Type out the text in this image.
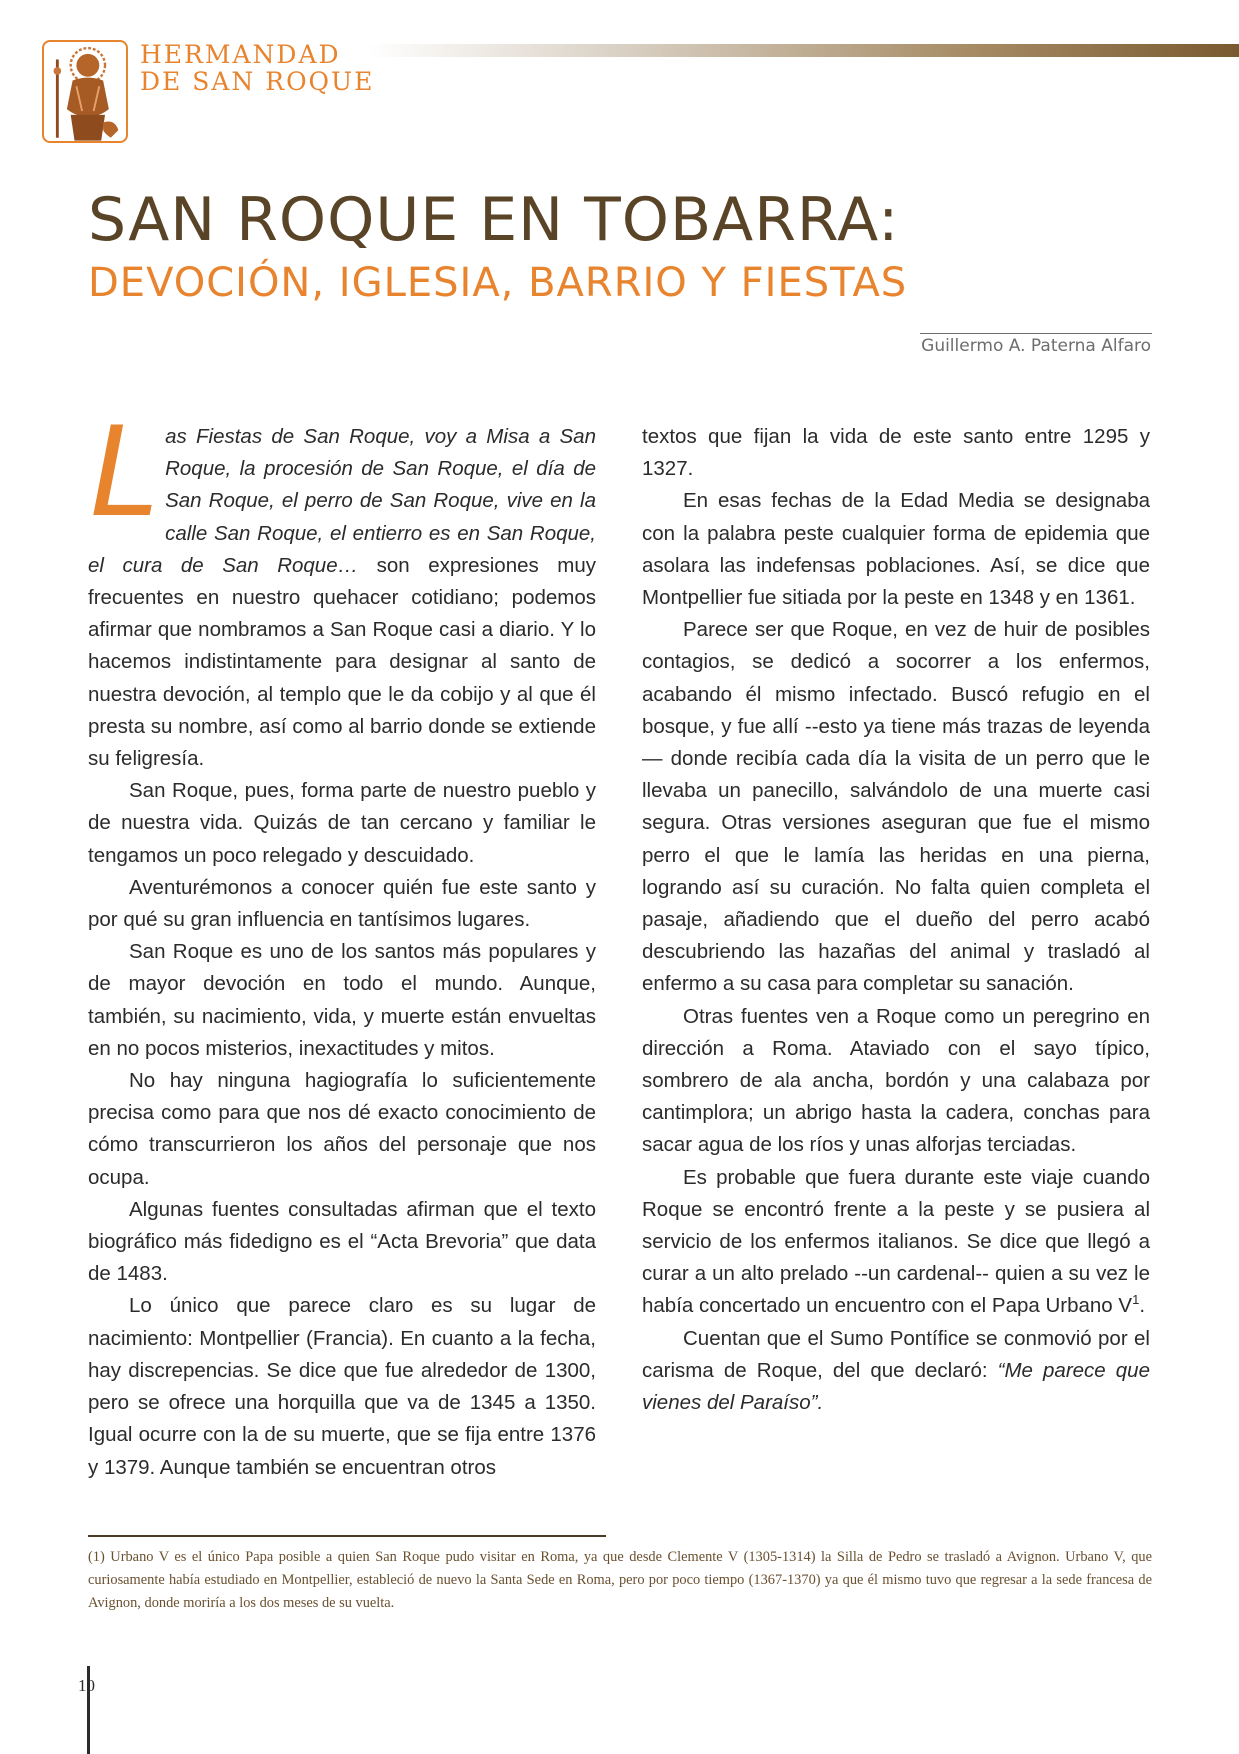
HERMANDAD
DE SAN ROQUE
SAN ROQUE EN TOBARRA:
DEVOCIÓN, IGLESIA, BARRIO Y FIESTAS
Guillermo A. Paterna Alfaro

Las Fiestas de San Roque, voy a Misa a San Roque, la procesión de San Roque, el día de San Roque, el perro de San Roque, vive en la calle San Roque, el entierro es en San Roque, el cura de San Roque… son expresiones muy frecuentes en nuestro quehacer cotidiano; podemos afirmar que nombramos a San Roque casi a diario. Y lo hacemos indistintamente para designar al santo de nuestra devoción, al templo que le da cobijo y al que él presta su nombre, así como al barrio donde se extiende su feligresía.

San Roque, pues, forma parte de nuestro pueblo y de nuestra vida. Quizás de tan cercano y familiar le tengamos un poco relegado y descuidado.

Aventurémonos a conocer quién fue este santo y por qué su gran influencia en tantísimos lugares.

San Roque es uno de los santos más populares y de mayor devoción en todo el mundo. Aunque, también, su nacimiento, vida, y muerte están envueltas en no pocos misterios, inexactitudes y mitos.

No hay ninguna hagiografía lo suficientemente precisa como para que nos dé exacto conocimiento de cómo transcurrieron los años del personaje que nos ocupa.

Algunas fuentes consultadas afirman que el texto biográfico más fidedigno es el “Acta Brevoria” que data de 1483.

Lo único que parece claro es su lugar de nacimiento: Montpellier (Francia). En cuanto a la fecha, hay discrepencias. Se dice que fue alrededor de 1300, pero se ofrece una horquilla que va de 1345 a 1350. Igual ocurre con la de su muerte, que se fija entre 1376 y 1379. Aunque también se encuentran otros

textos que fijan la vida de este santo entre 1295 y 1327.

En esas fechas de la Edad Media se designaba con la palabra peste cualquier forma de epidemia que asolara las indefensas poblaciones. Así, se dice que Montpellier fue sitiada por la peste en 1348 y en 1361.

Parece ser que Roque, en vez de huir de posibles contagios, se dedicó a socorrer a los enfermos, acabando él mismo infectado. Buscó refugio en el bosque, y fue allí --esto ya tiene más trazas de leyenda— donde recibía cada día la visita de un perro que le llevaba un panecillo, salvándolo de una muerte casi segura. Otras versiones aseguran que fue el mismo perro el que le lamía las heridas en una pierna, logrando así su curación. No falta quien completa el pasaje, añadiendo que el dueño del perro acabó descubriendo las hazañas del animal y trasladó al enfermo a su casa para completar su sanación.

Otras fuentes ven a Roque como un peregrino en dirección a Roma. Ataviado con el sayo típico, sombrero de ala ancha, bordón y una calabaza por cantimplora; un abrigo hasta la cadera, conchas para sacar agua de los ríos y unas alforjas terciadas.

Es probable que fuera durante este viaje cuando Roque se encontró frente a la peste y se pusiera al servicio de los enfermos italianos. Se dice que llegó a curar a un alto prelado --un cardenal-- quien a su vez le había concertado un encuentro con el Papa Urbano $V^1$.

Cuentan que el Sumo Pontífice se conmovió por el carisma de Roque, del que declaró: “Me parece que vienes del Paraíso”.

(1) Urbano V es el único Papa posible a quien San Roque pudo visitar en Roma, ya que desde Clemente V (1305-1314) la Silla de Pedro se trasladó a Avignon. Urbano V, que curiosamente había estudiado en Montpellier, estableció de nuevo la Santa Sede en Roma, pero por poco tiempo (1367-1370) ya que él mismo tuvo que regresar a la sede francesa de Avignon, donde moriría a los dos meses de su vuelta.
10
